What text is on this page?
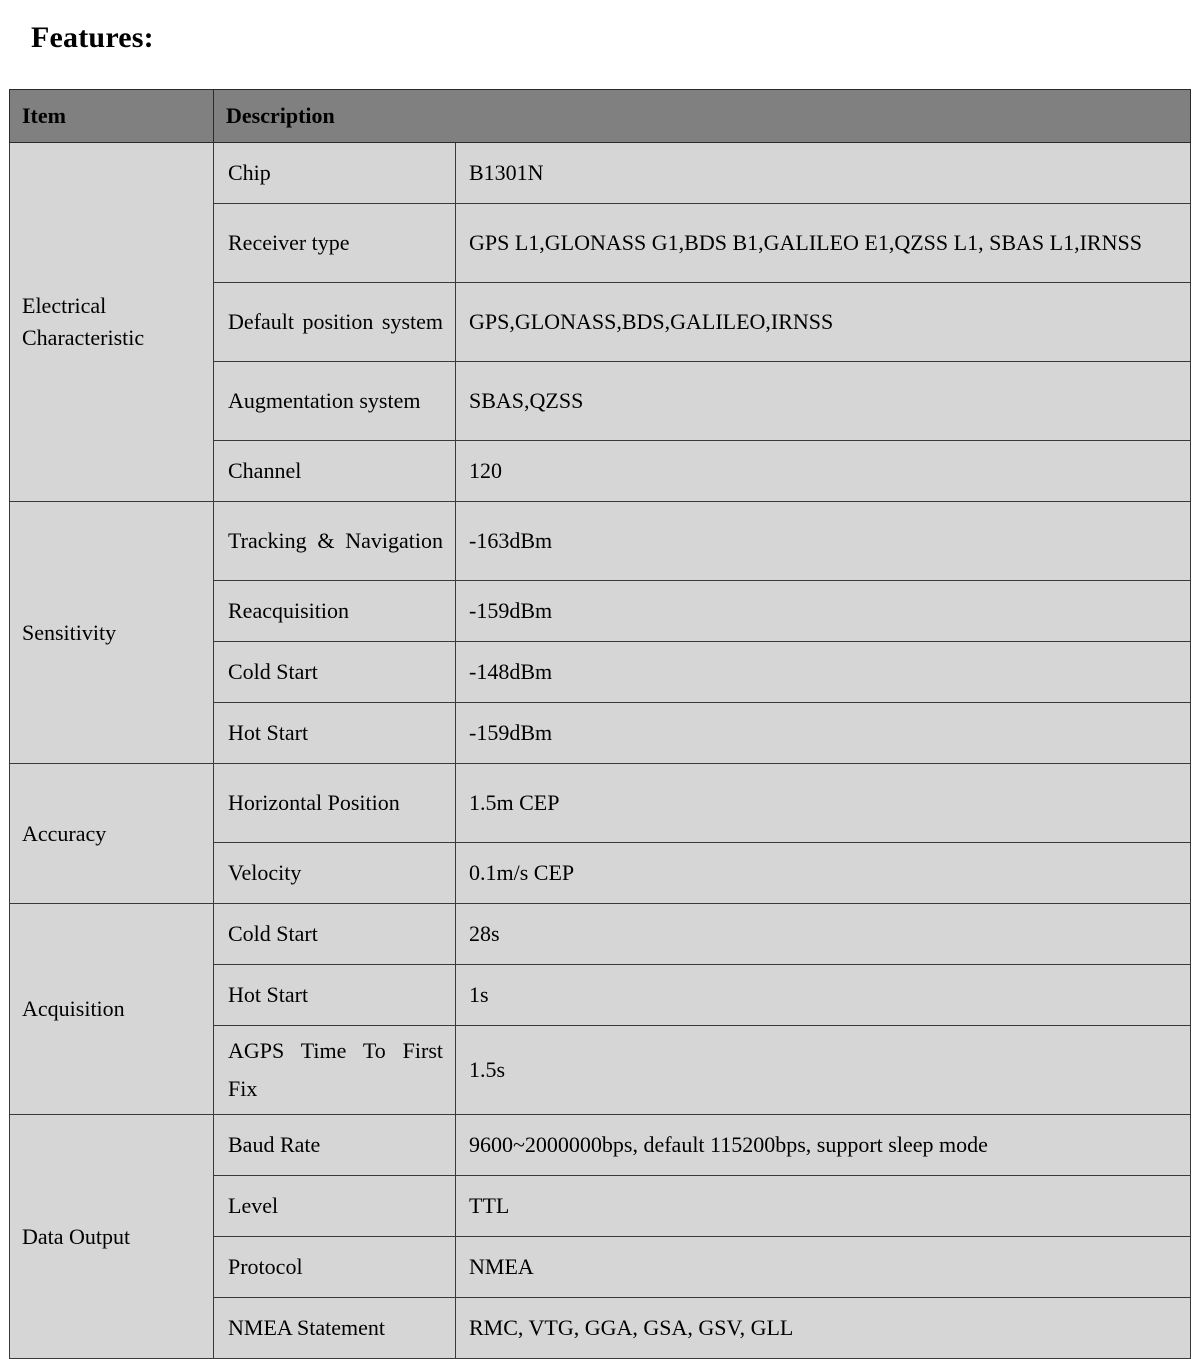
Features:
Item	Description	
Electrical Characteristic	Chip	B1301N
	Receiver type	GPS L1,GLONASS G1,BDS B1,GALILEO E1,QZSS L1, SBAS L1,IRNSS
	Default position system	GPS,GLONASS,BDS,GALILEO,IRNSS
	Augmentation system	SBAS,QZSS
	Channel	120
Sensitivity	Tracking & Navigation	-163dBm
	Reacquisition	-159dBm
	Cold Start	-148dBm
	Hot Start	-159dBm
Accuracy	Horizontal Position	1.5m CEP
	Velocity	0.1m/s CEP
Acquisition	Cold Start	28s
	Hot Start	1s
	AGPS Time To First Fix	1.5s
Data Output	Baud Rate	9600~2000000bps, default 115200bps, support sleep mode
	Level	TTL
	Protocol	NMEA
	NMEA Statement	RMC, VTG, GGA, GSA, GSV, GLL
